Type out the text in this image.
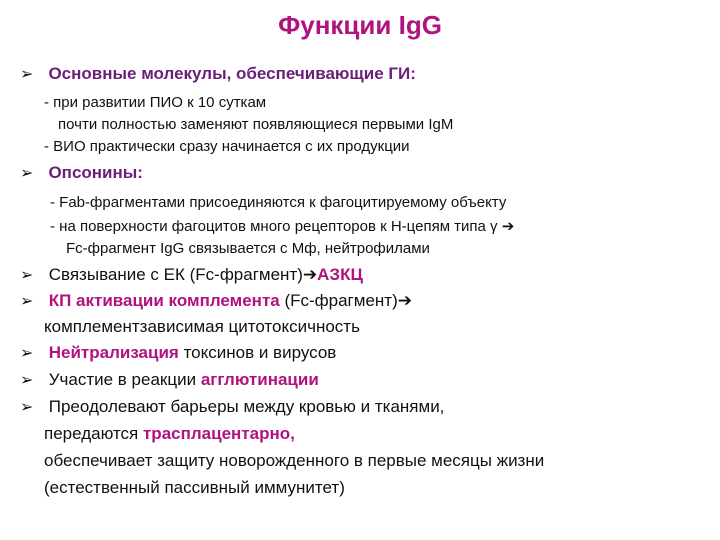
Функции IgG
➢ Основные молекулы, обеспечивающие ГИ:
- при развитии ПИО к 10 суткам
почти полностью заменяют появляющиеся первыми IgM
- ВИО практически сразу начинается с их продукции
➢ Опсонины:
- Fab-фрагментами присоединяются к фагоцитируемому объекту
- на поверхности фагоцитов много рецепторов к Н-цепям типа γ ➔
Fc-фрагмент IgG связывается с Мф, нейтрофилами
➢ Связывание с ЕК (Fc-фрагмент)➔АЗКЦ
➢ КП активации комплемента (Fc-фрагмент)➔
комплементзависимая цитотоксичность
➢ Нейтрализация токсинов и вирусов
➢ Участие в реакции агглютинации
➢ Преодолевают барьеры между кровью и тканями,
передаются трасплацентарно,
обеспечивает защиту новорожденного в первые месяцы жизни
(естественный пассивный иммунитет)
